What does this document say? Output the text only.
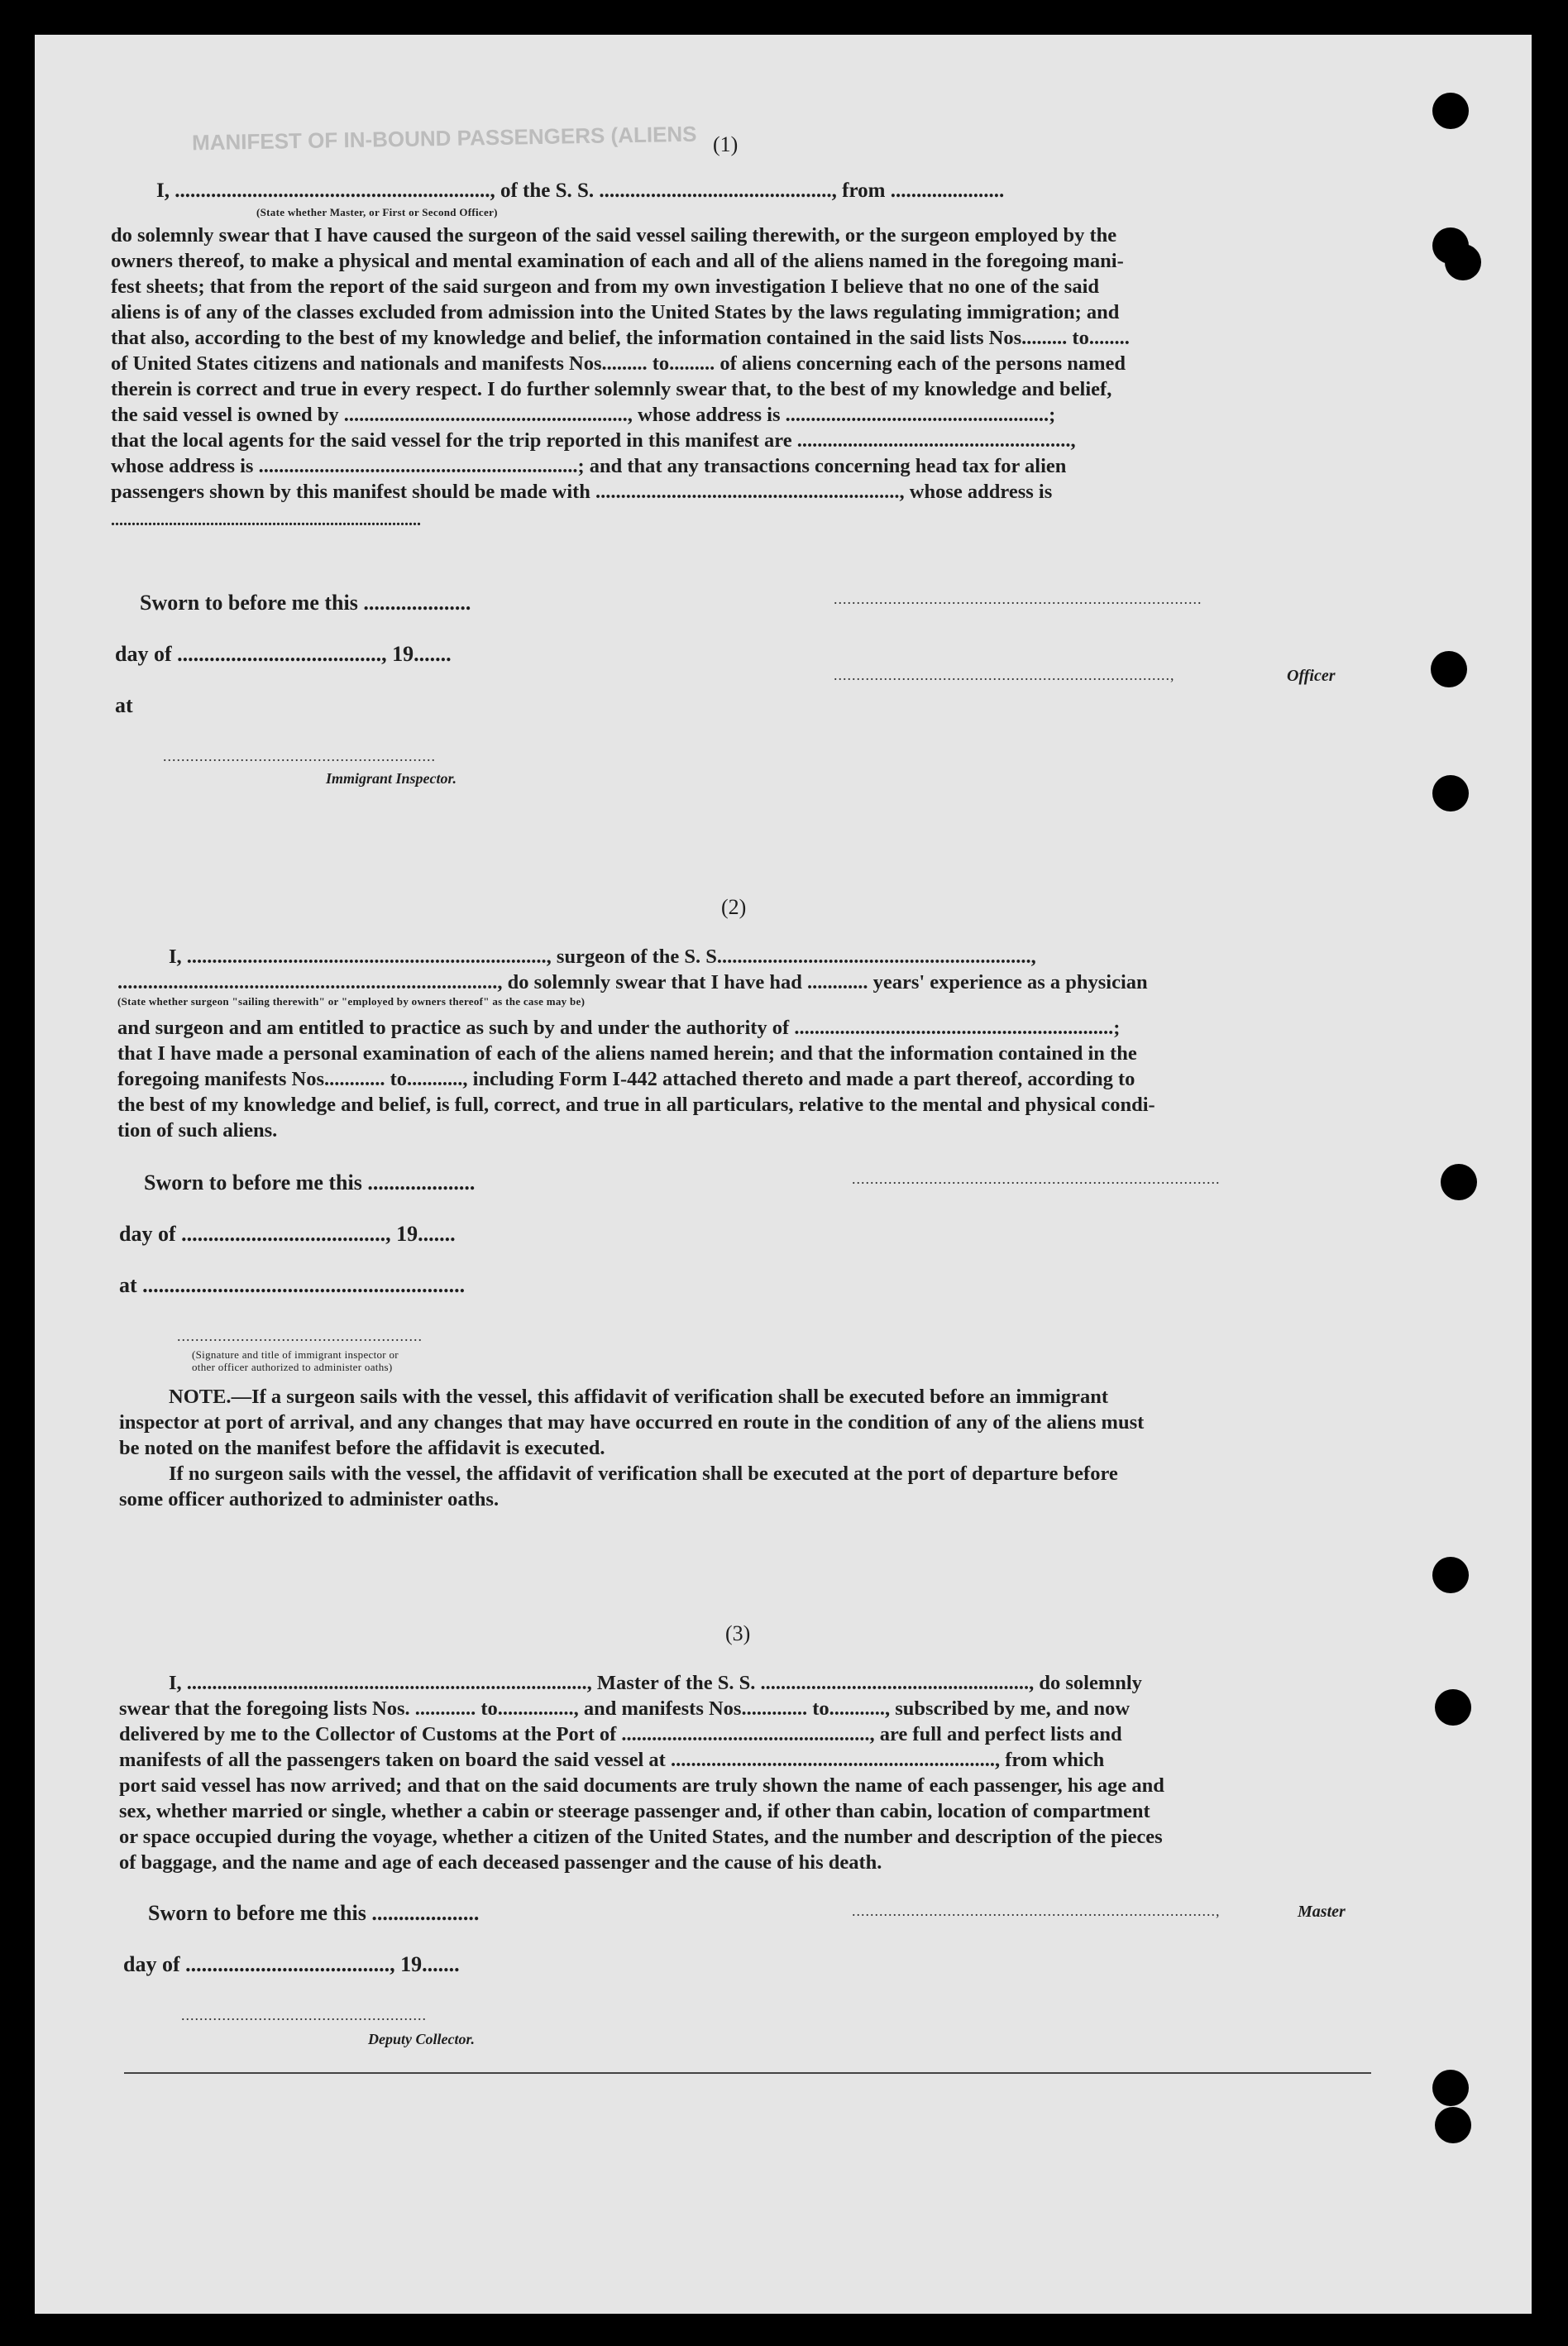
MANIFEST OF IN-BOUND PASSENGERS (ALIENS (1)
I, ............................................................., of the S. S. ............................................., from ......................
(State whether Master, or First or Second Officer)
do solemnly swear that I have caused the surgeon of the said vessel sailing therewith, or the surgeon employed by the
owners thereof, to make a physical and mental examination of each and all of the aliens named in the foregoing mani-
fest sheets; that from the report of the said surgeon and from my own investigation I believe that no one of the said
aliens is of any of the classes excluded from admission into the United States by the laws regulating immigration; and
that also, according to the best of my knowledge and belief, the information contained in the said lists Nos......... to........
of United States citizens and nationals and manifests Nos......... to......... of aliens concerning each of the persons named
therein is correct and true in every respect. I do further solemnly swear that, to the best of my knowledge and belief,
the said vessel is owned by ........................................................, whose address is ....................................................;
that the local agents for the said vessel for the trip reported in this manifest are ......................................................,
whose address is ...............................................................; and that any transactions concerning head tax for alien
passengers shown by this manifest should be made with ............................................................, whose address is
...........................................................................
Sworn to before me this ....................	.................................................................................
day of ......................................, 19.......
..........................................................................,	Officer
at
............................................................
Immigrant Inspector.
(2)
I, ......................................................................., surgeon of the S. S..............................................................,
..........................................................................., do solemnly swear that I have had ............ years' experience as a physician
(State whether surgeon "sailing therewith" or "employed by owners thereof" as the case may be)
and surgeon and am entitled to practice as such by and under the authority of ...............................................................;
that I have made a personal examination of each of the aliens named herein; and that the information contained in the
foregoing manifests Nos............ to..........., including Form I-442 attached thereto and made a part thereof, according to
the best of my knowledge and belief, is full, correct, and true in all particulars, relative to the mental and physical condi-
tion of such aliens.
Sworn to before me this ....................	.................................................................................
day of ......................................, 19.......
at ............................................................
......................................................
(Signature and title of immigrant inspector or
other officer authorized to administer oaths)
NOTE.—If a surgeon sails with the vessel, this affidavit of verification shall be executed before an immigrant
inspector at port of arrival, and any changes that may have occurred en route in the condition of any of the aliens must
be noted on the manifest before the affidavit is executed.
If no surgeon sails with the vessel, the affidavit of verification shall be executed at the port of departure before
some officer authorized to administer oaths.
(3)
I, ..............................................................................., Master of the S. S. ....................................................., do solemnly
swear that the foregoing lists Nos. ............ to..............., and manifests Nos............. to..........., subscribed by me, and now
delivered by me to the Collector of Customs at the Port of ................................................., are full and perfect lists and
manifests of all the passengers taken on board the said vessel at ................................................................, from which
port said vessel has now arrived; and that on the said documents are truly shown the name of each passenger, his age and
sex, whether married or single, whether a cabin or steerage passenger and, if other than cabin, location of compartment
or space occupied during the voyage, whether a citizen of the United States, and the number and description of the pieces
of baggage, and the name and age of each deceased passenger and the cause of his death.
Sworn to before me this ....................	................................................................................,	Master
day of ......................................, 19.......
......................................................
Deputy Collector.
